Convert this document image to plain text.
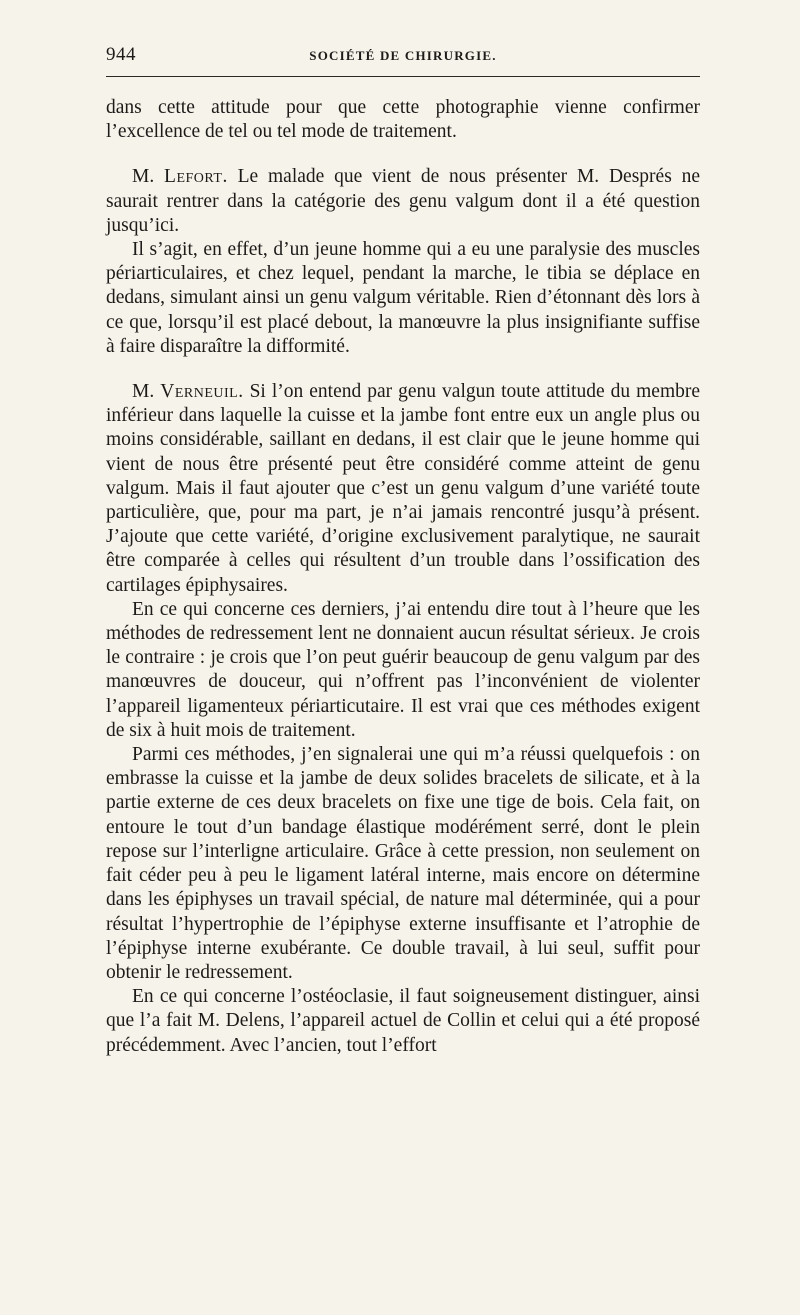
944	SOCIÉTÉ DE CHIRURGIE.

dans cette attitude pour que cette photographie vienne confirmer l’excellence de tel ou tel mode de traitement.

M. Lefort. Le malade que vient de nous présenter M. Després ne saurait rentrer dans la catégorie des genu valgum dont il a été question jusqu’ici.

Il s’agit, en effet, d’un jeune homme qui a eu une paralysie des muscles périarticulaires, et chez lequel, pendant la marche, le tibia se déplace en dedans, simulant ainsi un genu valgum véritable. Rien d’étonnant dès lors à ce que, lorsqu’il est placé debout, la manœuvre la plus insignifiante suffise à faire disparaître la difformité.

M. Verneuil. Si l’on entend par genu valgun toute attitude du membre inférieur dans laquelle la cuisse et la jambe font entre eux un angle plus ou moins considérable, saillant en dedans, il est clair que le jeune homme qui vient de nous être présenté peut être considéré comme atteint de genu valgum. Mais il faut ajouter que c’est un genu valgum d’une variété toute particulière, que, pour ma part, je n’ai jamais rencontré jusqu’à présent. J’ajoute que cette variété, d’origine exclusivement paralytique, ne saurait être comparée à celles qui résultent d’un trouble dans l’ossification des cartilages épiphysaires.

En ce qui concerne ces derniers, j’ai entendu dire tout à l’heure que les méthodes de redressement lent ne donnaient aucun résultat sérieux. Je crois le contraire : je crois que l’on peut guérir beaucoup de genu valgum par des manœuvres de douceur, qui n’offrent pas l’inconvénient de violenter l’appareil ligamenteux périarticutaire. Il est vrai que ces méthodes exigent de six à huit mois de traitement.

Parmi ces méthodes, j’en signalerai une qui m’a réussi quelquefois : on embrasse la cuisse et la jambe de deux solides bracelets de silicate, et à la partie externe de ces deux bracelets on fixe une tige de bois. Cela fait, on entoure le tout d’un bandage élastique modérément serré, dont le plein repose sur l’interligne articulaire. Grâce à cette pression, non seulement on fait céder peu à peu le ligament latéral interne, mais encore on détermine dans les épiphyses un travail spécial, de nature mal déterminée, qui a pour résultat l’hypertrophie de l’épiphyse externe insuffisante et l’atrophie de l’épiphyse interne exubérante. Ce double travail, à lui seul, suffit pour obtenir le redressement.

En ce qui concerne l’ostéoclasie, il faut soigneusement distinguer, ainsi que l’a fait M. Delens, l’appareil actuel de Collin et celui qui a été proposé précédemment. Avec l’ancien, tout l’effort
